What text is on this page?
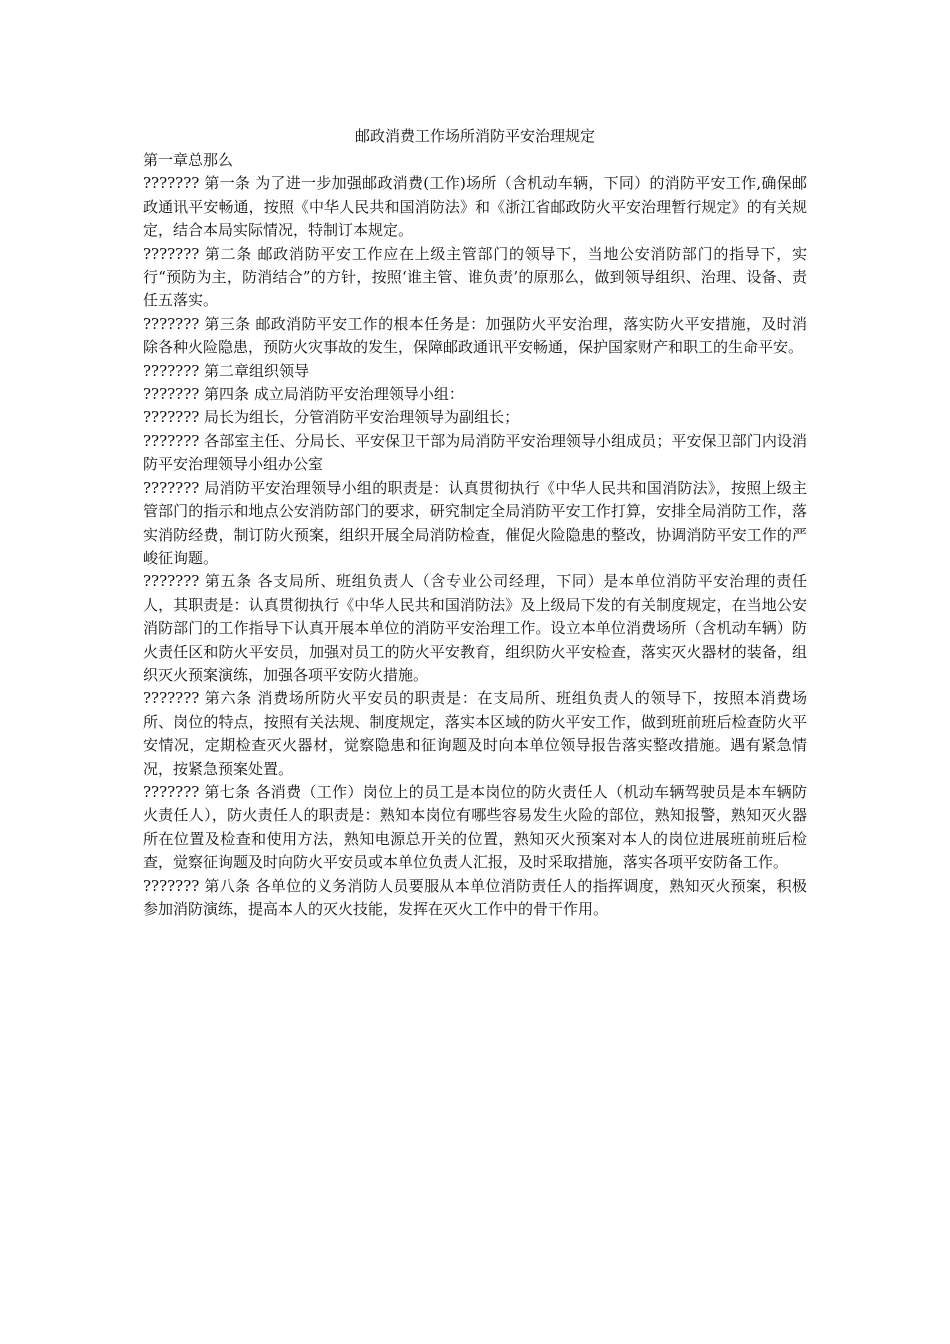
邮政消费工作场所消防平安治理规定

第一章总那么

??????? 第一条 为了进一步加强邮政消费(工作)场所（含机动车辆，下同）的消防平安工作,确保邮政通讯平安畅通，按照《中华人民共和国消防法》和《浙江省邮政防火平安治理暂行规定》的有关规定，结合本局实际情况，特制订本规定。

??????? 第二条 邮政消防平安工作应在上级主管部门的领导下，当地公安消防部门的指导下，实行“预防为主，防消结合”的方针，按照‘谁主管、谁负责’的原那么，做到领导组织、治理、设备、责任五落实。

??????? 第三条 邮政消防平安工作的根本任务是：加强防火平安治理，落实防火平安措施，及时消除各种火险隐患，预防火灾事故的发生，保障邮政通讯平安畅通，保护国家财产和职工的生命平安。

??????? 第二章组织领导

??????? 第四条 成立局消防平安治理领导小组：

??????? 局长为组长，分管消防平安治理领导为副组长；

??????? 各部室主任、分局长、平安保卫干部为局消防平安治理领导小组成员；平安保卫部门内设消防平安治理领导小组办公室

??????? 局消防平安治理领导小组的职责是：认真贯彻执行《中华人民共和国消防法》，按照上级主管部门的指示和地点公安消防部门的要求，研究制定全局消防平安工作打算，安排全局消防工作，落实消防经费，制订防火预案，组织开展全局消防检查，催促火险隐患的整改，协调消防平安工作的严峻征询题。

??????? 第五条 各支局所、班组负责人（含专业公司经理，下同）是本单位消防平安治理的责任人，其职责是：认真贯彻执行《中华人民共和国消防法》及上级局下发的有关制度规定，在当地公安消防部门的工作指导下认真开展本单位的消防平安治理工作。设立本单位消费场所（含机动车辆）防火责任区和防火平安员，加强对员工的防火平安教育，组织防火平安检查，落实灭火器材的装备，组织灭火预案演练，加强各项平安防火措施。

??????? 第六条 消费场所防火平安员的职责是：在支局所、班组负责人的领导下，按照本消费场所、岗位的特点，按照有关法规、制度规定，落实本区域的防火平安工作，做到班前班后检查防火平安情况，定期检查灭火器材，觉察隐患和征询题及时向本单位领导报告落实整改措施。遇有紧急情况，按紧急预案处置。

??????? 第七条 各消费（工作）岗位上的员工是本岗位的防火责任人（机动车辆驾驶员是本车辆防火责任人），防火责任人的职责是：熟知本岗位有哪些容易发生火险的部位，熟知报警，熟知灭火器所在位置及检查和使用方法，熟知电源总开关的位置，熟知灭火预案对本人的岗位进展班前班后检查，觉察征询题及时向防火平安员或本单位负责人汇报，及时采取措施，落实各项平安防备工作。

??????? 第八条 各单位的义务消防人员要服从本单位消防责任人的指挥调度，熟知灭火预案，积极参加消防演练，提高本人的灭火技能，发挥在灭火工作中的骨干作用。
